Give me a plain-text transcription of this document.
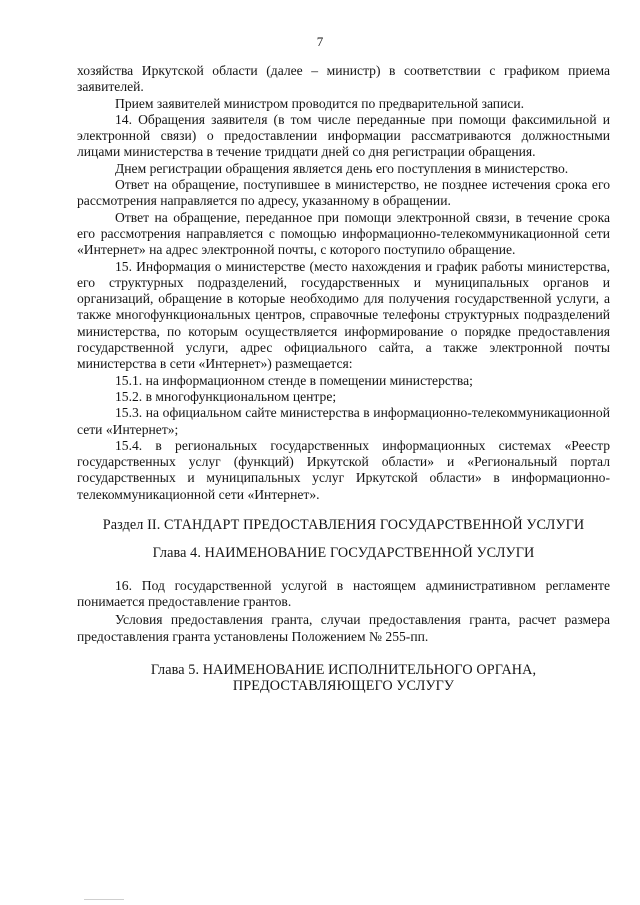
7

хозяйства Иркутской области (далее – министр) в соответствии с графиком приема заявителей.

Прием заявителей министром проводится по предварительной записи.

14. Обращения заявителя (в том числе переданные при помощи факсимильной и электронной связи) о предоставлении информации рассматриваются должностными лицами министерства в течение тридцати дней со дня регистрации обращения.

Днем регистрации обращения является день его поступления в министерство.

Ответ на обращение, поступившее в министерство, не позднее истечения срока его рассмотрения направляется по адресу, указанному в обращении.

Ответ на обращение, переданное при помощи электронной связи, в течение срока его рассмотрения направляется с помощью информационно-телекоммуникационной сети «Интернет» на адрес электронной почты, с которого поступило обращение.

15. Информация о министерстве (место нахождения и график работы министерства, его структурных подразделений, государственных и муниципальных органов и организаций, обращение в которые необходимо для получения государственной услуги, а также многофункциональных центров, справочные телефоны структурных подразделений министерства, по которым осуществляется информирование о порядке предоставления государственной услуги, адрес официального сайта, а также электронной почты министерства в сети «Интернет») размещается:

15.1. на информационном стенде в помещении министерства;

15.2. в многофункциональном центре;

15.3. на официальном сайте министерства в информационно-телекоммуникационной сети «Интернет»;

15.4. в региональных государственных информационных системах «Реестр государственных услуг (функций) Иркутской области» и «Региональный портал государственных и муниципальных услуг Иркутской области» в информационно-телекоммуникационной сети «Интернет».

Раздел II. СТАНДАРТ ПРЕДОСТАВЛЕНИЯ ГОСУДАРСТВЕННОЙ УСЛУГИ
Глава 4. НАИМЕНОВАНИЕ ГОСУДАРСТВЕННОЙ УСЛУГИ

16. Под государственной услугой в настоящем административном регламенте понимается предоставление грантов.

Условия предоставления гранта, случаи предоставления гранта, расчет размера предоставления гранта установлены Положением № 255-пп.

Глава 5. НАИМЕНОВАНИЕ ИСПОЛНИТЕЛЬНОГО ОРГАНА,
ПРЕДОСТАВЛЯЮЩЕГО УСЛУГУ
